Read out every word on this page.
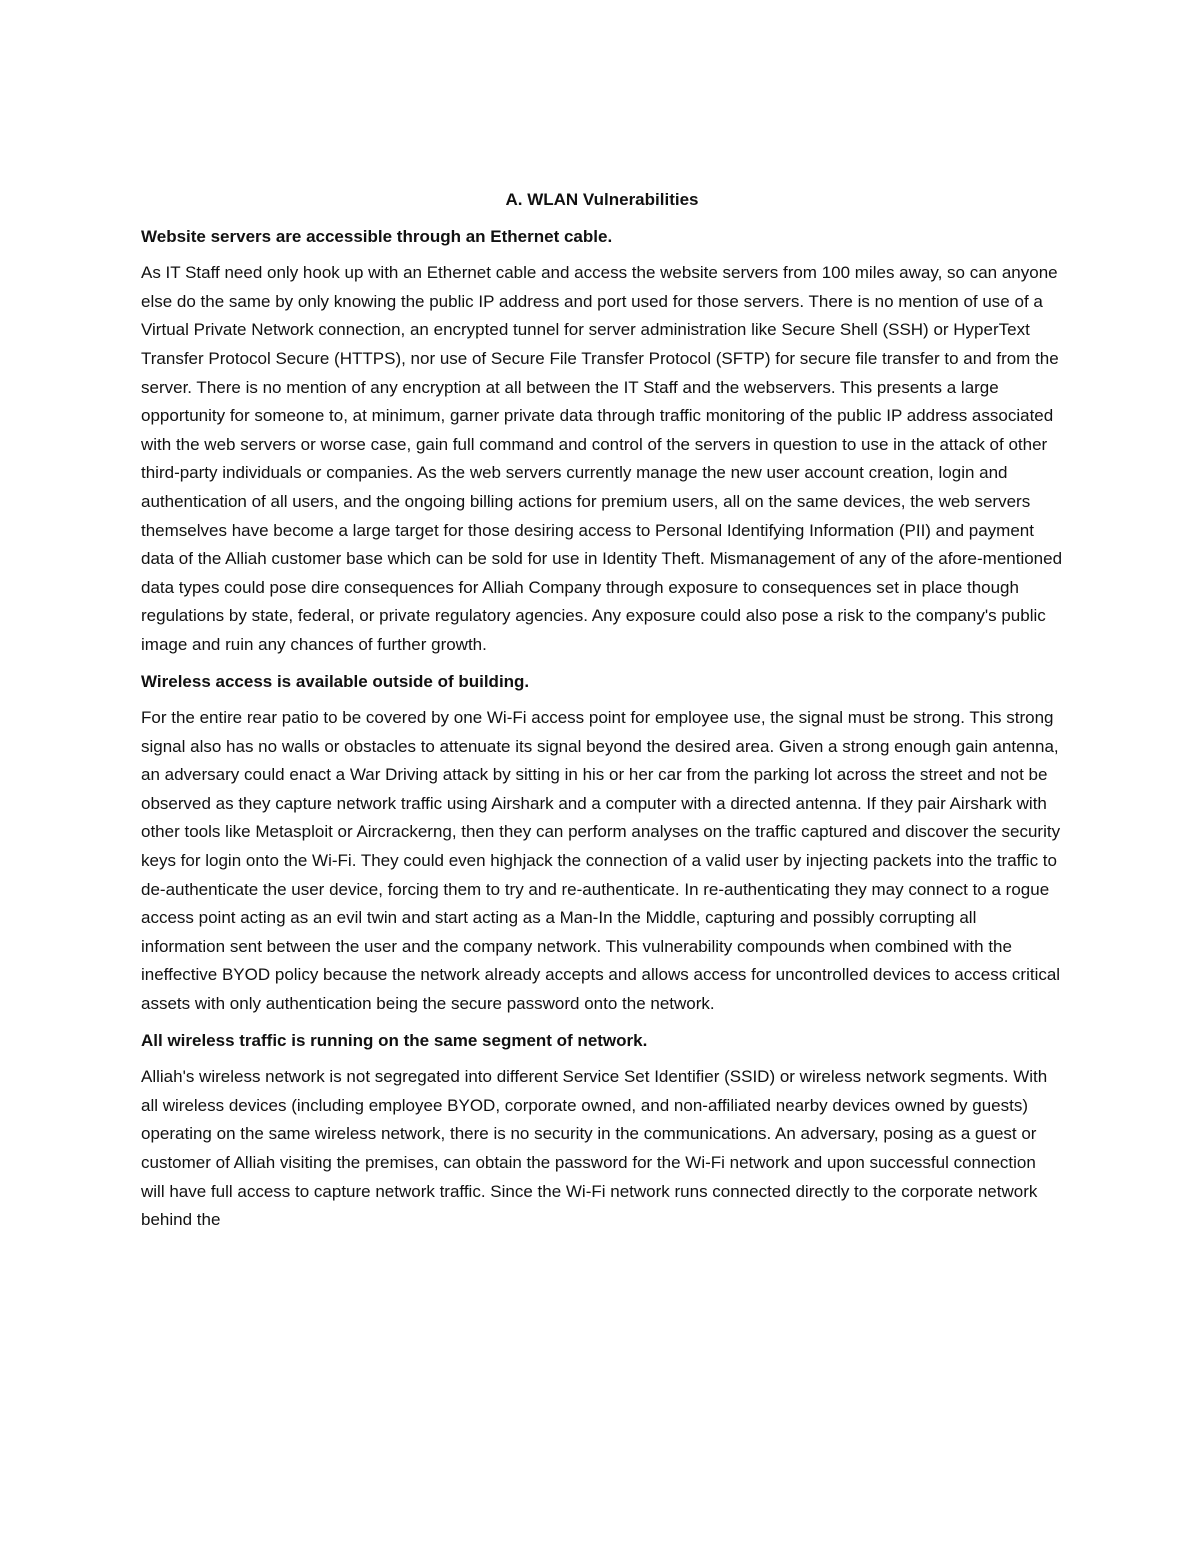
A. WLAN Vulnerabilities
Website servers are accessible through an Ethernet cable.
As IT Staff need only hook up with an Ethernet cable and access the website servers from 100 miles away, so can anyone else do the same by only knowing the public IP address and port used for those servers. There is no mention of use of a Virtual Private Network connection, an encrypted tunnel for server administration like Secure Shell (SSH) or HyperText Transfer Protocol Secure (HTTPS), nor use of Secure File Transfer Protocol (SFTP) for secure file transfer to and from the server. There is no mention of any encryption at all between the IT Staff and the webservers. This presents a large opportunity for someone to, at minimum, garner private data through traffic monitoring of the public IP address associated with the web servers or worse case, gain full command and control of the servers in question to use in the attack of other third-party individuals or companies. As the web servers currently manage the new user account creation, login and authentication of all users, and the ongoing billing actions for premium users, all on the same devices, the web servers themselves have become a large target for those desiring access to Personal Identifying Information (PII) and payment data of the Alliah customer base which can be sold for use in Identity Theft. Mismanagement of any of the afore-mentioned data types could pose dire consequences for Alliah Company through exposure to consequences set in place though regulations by state, federal, or private regulatory agencies. Any exposure could also pose a risk to the company's public image and ruin any chances of further growth.
Wireless access is available outside of building.
For the entire rear patio to be covered by one Wi-Fi access point for employee use, the signal must be strong. This strong signal also has no walls or obstacles to attenuate its signal beyond the desired area. Given a strong enough gain antenna, an adversary could enact a War Driving attack by sitting in his or her car from the parking lot across the street and not be observed as they capture network traffic using Airshark and a computer with a directed antenna. If they pair Airshark with other tools like Metasploit or Aircrackerng, then they can perform analyses on the traffic captured and discover the security keys for login onto the Wi-Fi. They could even highjack the connection of a valid user by injecting packets into the traffic to de-authenticate the user device, forcing them to try and re-authenticate. In re-authenticating they may connect to a rogue access point acting as an evil twin and start acting as a Man-In the Middle, capturing and possibly corrupting all information sent between the user and the company network. This vulnerability compounds when combined with the ineffective BYOD policy because the network already accepts and allows access for uncontrolled devices to access critical assets with only authentication being the secure password onto the network.
All wireless traffic is running on the same segment of network.
Alliah's wireless network is not segregated into different Service Set Identifier (SSID) or wireless network segments. With all wireless devices (including employee BYOD, corporate owned, and non-affiliated nearby devices owned by guests) operating on the same wireless network, there is no security in the communications. An adversary, posing as a guest or customer of Alliah visiting the premises, can obtain the password for the Wi-Fi network and upon successful connection will have full access to capture network traffic. Since the Wi-Fi network runs connected directly to the corporate network behind the
